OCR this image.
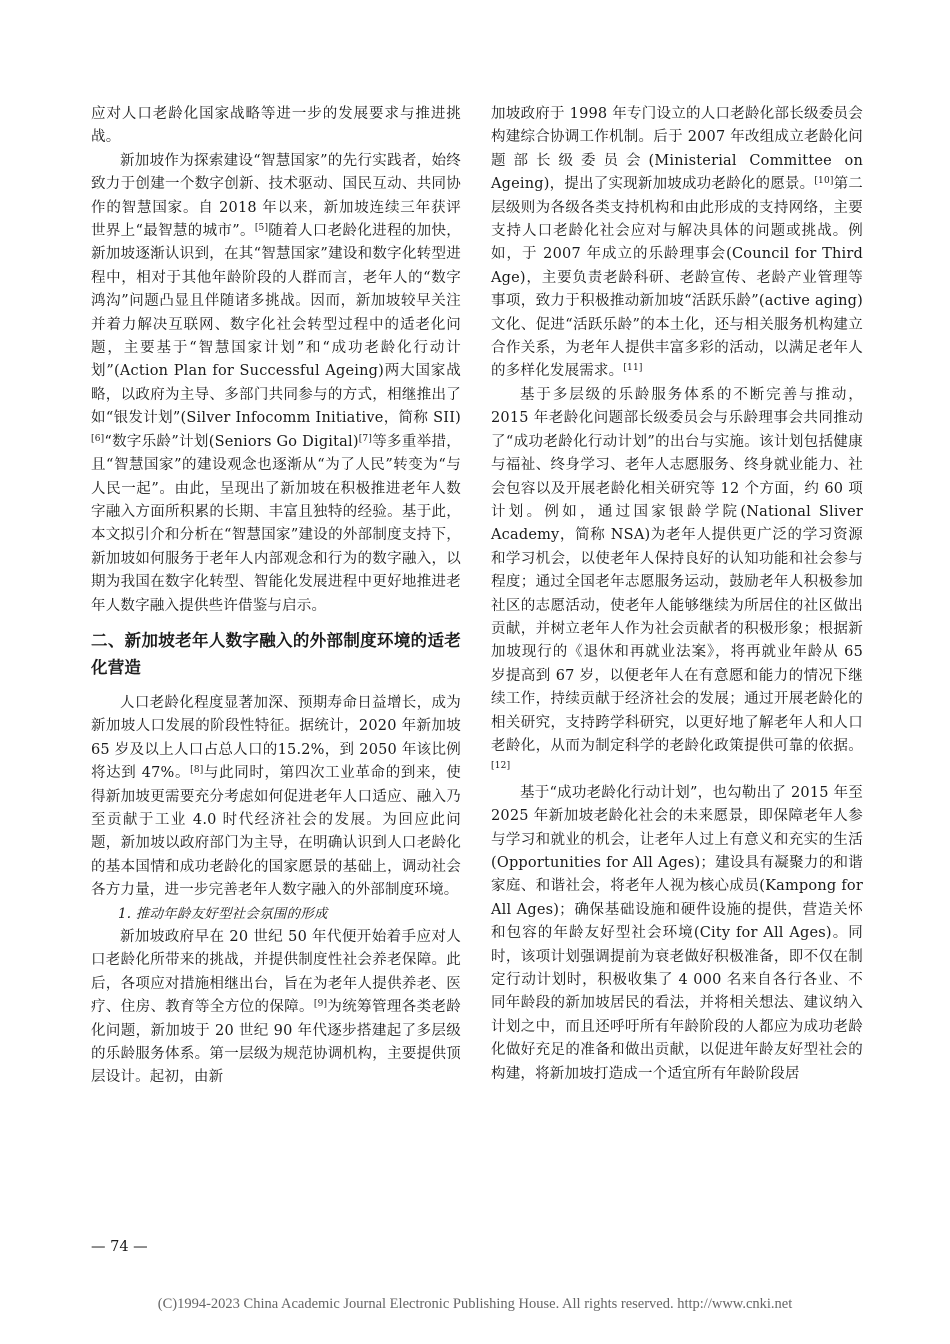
应对人口老龄化国家战略等进一步的发展要求与推进挑战。

新加坡作为探索建设“智慧国家”的先行实践者，始终致力于创建一个数字创新、技术驱动、国民互动、共同协作的智慧国家。自 2018 年以来，新加坡连续三年获评世界上“最智慧的城市”。[5]随着人口老龄化进程的加快，新加坡逐渐认识到，在其“智慧国家”建设和数字化转型进程中，相对于其他年龄阶段的人群而言，老年人的“数字鸿沟”问题凸显且伴随诸多挑战。因而，新加坡较早关注并着力解决互联网、数字化社会转型过程中的适老化问题，主要基于“智慧国家计划”和“成功老龄化行动计划”(Action Plan for Successful Ageing)两大国家战略，以政府为主导、多部门共同参与的方式，相继推出了如“银发计划”(Silver Infocomm Initiative，简称 SII)[6]“数字乐龄”计划(Seniors Go Digital)[7]等多重举措，且“智慧国家”的建设观念也逐渐从“为了人民”转变为“与人民一起”。由此，呈现出了新加坡在积极推进老年人数字融入方面所积累的长期、丰富且独特的经验。基于此，本文拟引介和分析在“智慧国家”建设的外部制度支持下，新加坡如何服务于老年人内部观念和行为的数字融入，以期为我国在数字化转型、智能化发展进程中更好地推进老年人数字融入提供些许借鉴与启示。

二、新加坡老年人数字融入的外部制度环境的适老化营造

人口老龄化程度显著加深、预期寿命日益增长，成为新加坡人口发展的阶段性特征。据统计，2020 年新加坡 65 岁及以上人口占总人口的15.2%，到 2050 年该比例将达到 47%。[8]与此同时，第四次工业革命的到来，使得新加坡更需要充分考虑如何促进老年人口适应、融入乃至贡献于工业 4.0 时代经济社会的发展。为回应此问题，新加坡以政府部门为主导，在明确认识到人口老龄化的基本国情和成功老龄化的国家愿景的基础上，调动社会各方力量，进一步完善老年人数字融入的外部制度环境。

1. 推动年龄友好型社会氛围的形成

新加坡政府早在 20 世纪 50 年代便开始着手应对人口老龄化所带来的挑战，并提供制度性社会养老保障。此后，各项应对措施相继出台，旨在为老年人提供养老、医疗、住房、教育等全方位的保障。[9]为统筹管理各类老龄化问题，新加坡于 20 世纪 90 年代逐步搭建起了多层级的乐龄服务体系。第一层级为规范协调机构，主要提供顶层设计。起初，由新

加坡政府于 1998 年专门设立的人口老龄化部长级委员会构建综合协调工作机制。后于 2007 年改组成立老龄化问题部长级委员会(Ministerial Committee on Ageing)，提出了实现新加坡成功老龄化的愿景。[10]第二层级则为各级各类支持机构和由此形成的支持网络，主要支持人口老龄化社会应对与解决具体的问题或挑战。例如，于 2007 年成立的乐龄理事会(Council for Third Age)，主要负责老龄科研、老龄宣传、老龄产业管理等事项，致力于积极推动新加坡“活跃乐龄”(active aging)文化、促进“活跃乐龄”的本土化，还与相关服务机构建立合作关系，为老年人提供丰富多彩的活动，以满足老年人的多样化发展需求。[11]

基于多层级的乐龄服务体系的不断完善与推动，2015 年老龄化问题部长级委员会与乐龄理事会共同推动了“成功老龄化行动计划”的出台与实施。该计划包括健康与福祉、终身学习、老年人志愿服务、终身就业能力、社会包容以及开展老龄化相关研究等 12 个方面，约 60 项计划。例如，通过国家银龄学院(National Sliver Academy，简称 NSA)为老年人提供更广泛的学习资源和学习机会，以使老年人保持良好的认知功能和社会参与程度；通过全国老年志愿服务运动，鼓励老年人积极参加社区的志愿活动，使老年人能够继续为所居住的社区做出贡献，并树立老年人作为社会贡献者的积极形象；根据新加坡现行的《退休和再就业法案》，将再就业年龄从 65 岁提高到 67 岁，以便老年人在有意愿和能力的情况下继续工作，持续贡献于经济社会的发展；通过开展老龄化的相关研究，支持跨学科研究，以更好地了解老年人和人口老龄化，从而为制定科学的老龄化政策提供可靠的依据。[12]

基于“成功老龄化行动计划”，也勾勒出了 2015 年至 2025 年新加坡老龄化社会的未来愿景，即保障老年人参与学习和就业的机会，让老年人过上有意义和充实的生活(Opportunities for All Ages)；建设具有凝聚力的和谐家庭、和谐社会，将老年人视为核心成员(Kampong for All Ages)；确保基础设施和硬件设施的提供，营造关怀和包容的年龄友好型社会环境(City for All Ages)。同时，该项计划强调提前为衰老做好积极准备，即不仅在制定行动计划时，积极收集了 4 000 名来自各行各业、不同年龄段的新加坡居民的看法，并将相关想法、建议纳入计划之中，而且还呼吁所有年龄阶段的人都应为成功老龄化做好充足的准备和做出贡献，以促进年龄友好型社会的构建，将新加坡打造成一个适宜所有年龄阶段居

— 74 —
(C)1994-2023 China Academic Journal Electronic Publishing House. All rights reserved. http://www.cnki.net
